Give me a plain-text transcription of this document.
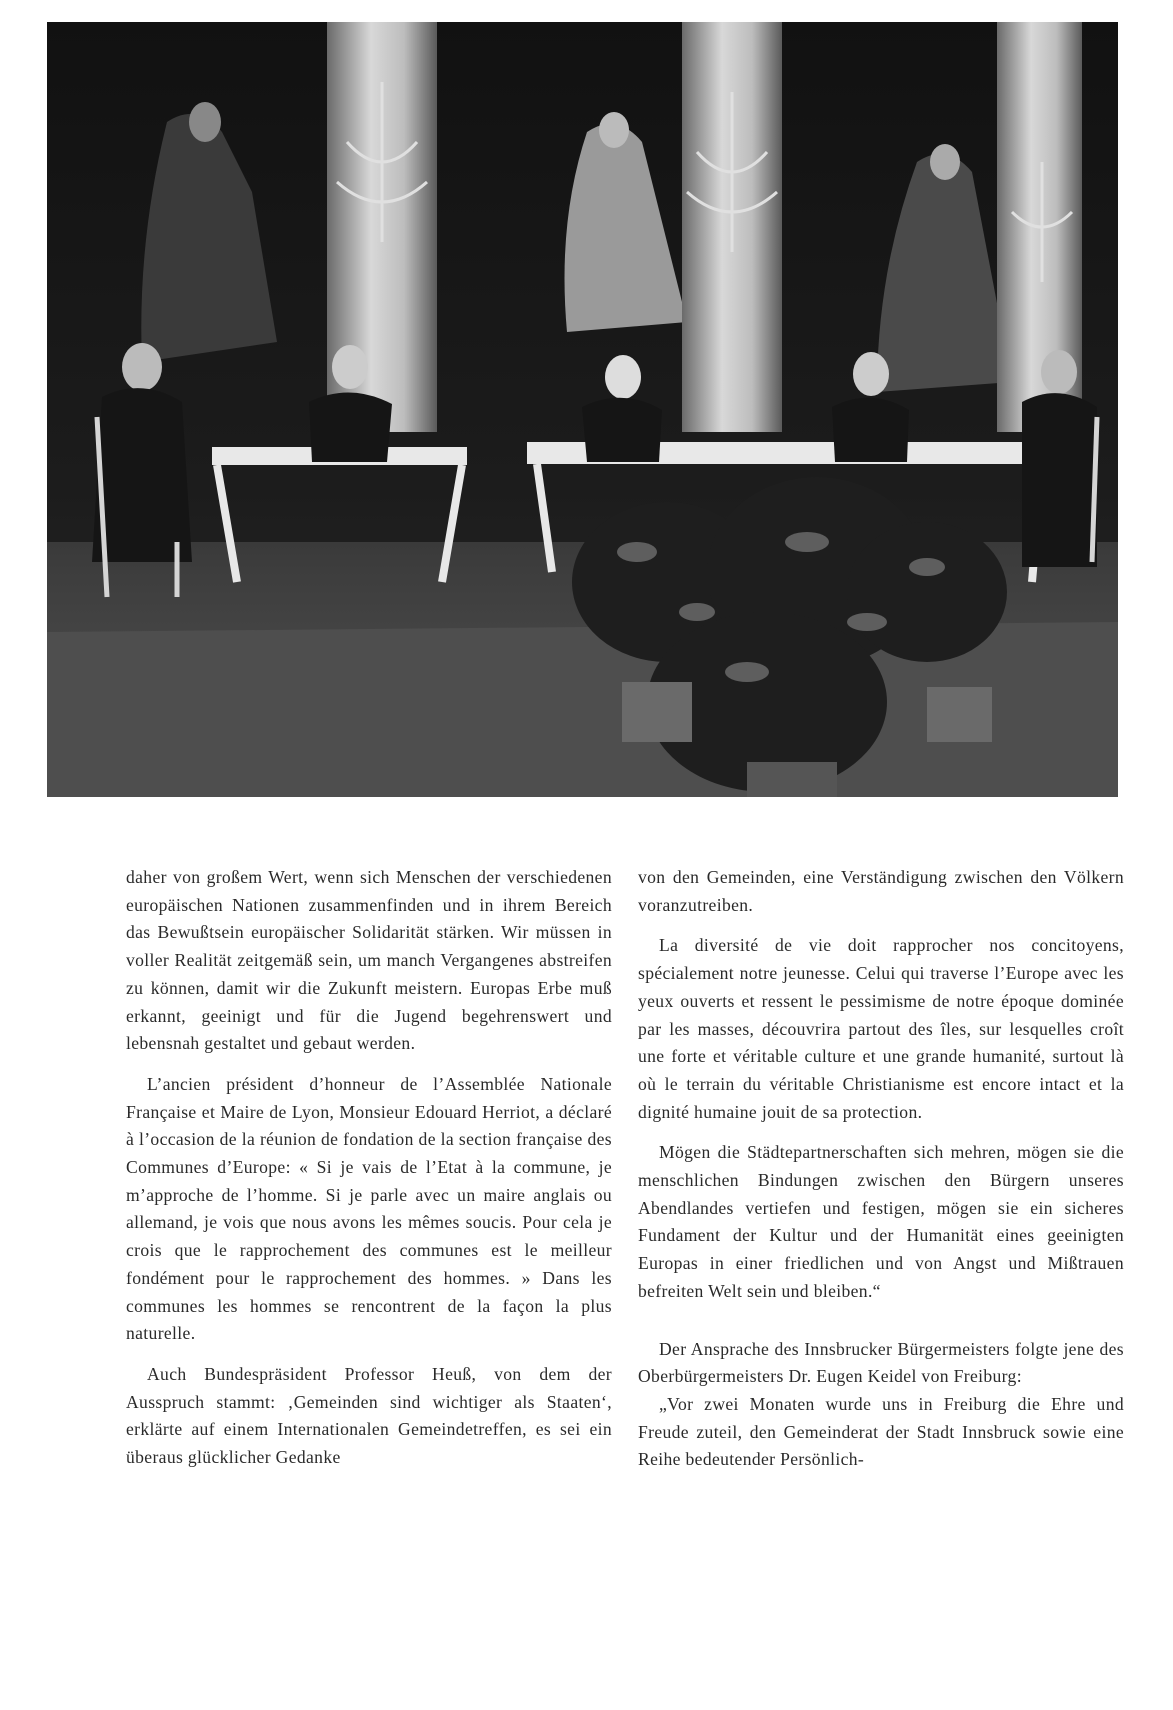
daher von großem Wert, wenn sich Menschen der verschiedenen europäischen Nationen zusammenfinden und in ihrem Bereich das Bewußtsein europäischer Solidarität stärken. Wir müssen in voller Realität zeitgemäß sein, um manch Vergangenes abstreifen zu können, damit wir die Zukunft meistern. Europas Erbe muß erkannt, geeinigt und für die Jugend begehrenswert und lebensnah gestaltet und gebaut werden.

L’ancien président d’honneur de l’Assemblée Nationale Française et Maire de Lyon, Monsieur Edouard Herriot, a déclaré à l’occasion de la réunion de fondation de la section française des Communes d’Europe: « Si je vais de l’Etat à la commune, je m’approche de l’homme. Si je parle avec un maire anglais ou allemand, je vois que nous avons les mêmes soucis. Pour cela je crois que le rapprochement des communes est le meilleur fondément pour le rapprochement des hommes. » Dans les communes les hommes se rencontrent de la façon la plus naturelle.

Auch Bundespräsident Professor Heuß, von dem der Ausspruch stammt: ‚Gemeinden sind wichtiger als Staaten‘, erklärte auf einem Internationalen Gemeindetreffen, es sei ein überaus glücklicher Gedanke

von den Gemeinden, eine Verständigung zwischen den Völkern voranzutreiben.

La diversité de vie doit rapprocher nos concitoyens, spécialement notre jeunesse. Celui qui traverse l’Europe avec les yeux ouverts et ressent le pessimisme de notre époque dominée par les masses, découvrira partout des îles, sur lesquelles croît une forte et véritable culture et une grande humanité, surtout là où le terrain du véritable Christianisme est encore intact et la dignité humaine jouit de sa protection.

Mögen die Städtepartnerschaften sich mehren, mögen sie die menschlichen Bindungen zwischen den Bürgern unseres Abendlandes vertiefen und festigen, mögen sie ein sicheres Fundament der Kultur und der Humanität eines geeinigten Europas in einer friedlichen und von Angst und Mißtrauen befreiten Welt sein und bleiben.“

Der Ansprache des Innsbrucker Bürgermeisters folgte jene des Oberbürgermeisters Dr. Eugen Keidel von Freiburg:

„Vor zwei Monaten wurde uns in Freiburg die Ehre und Freude zuteil, den Gemeinderat der Stadt Innsbruck sowie eine Reihe bedeutender Persönlich-
